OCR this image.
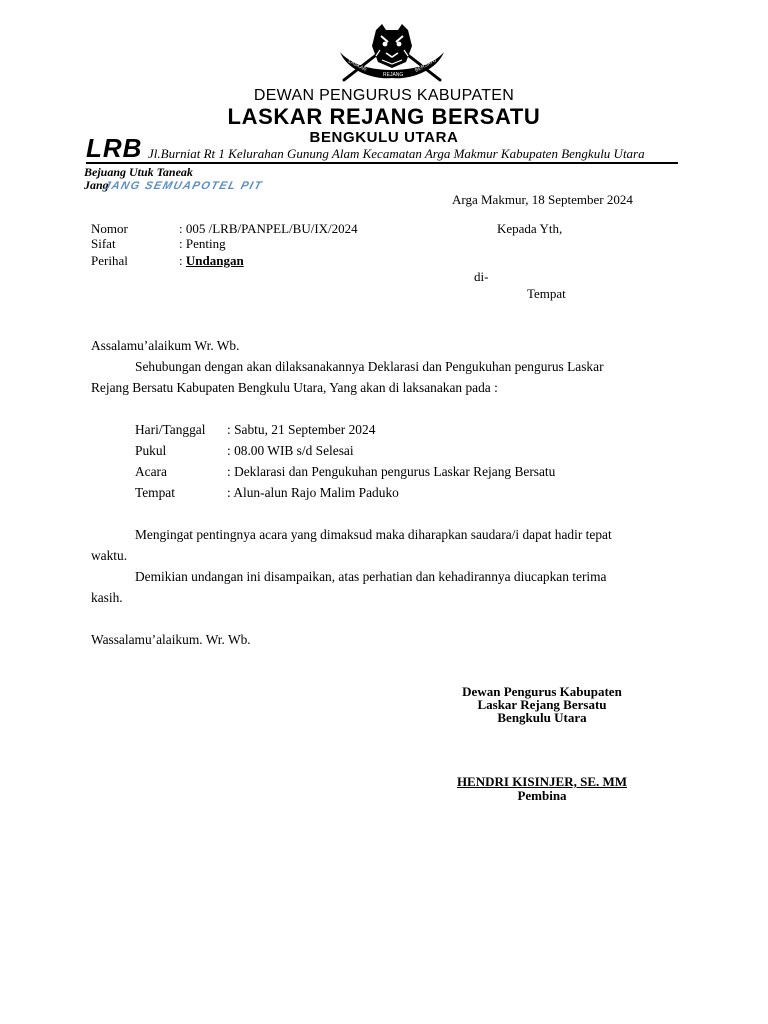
LASKAR	BERSATU
REJANG
DEWAN PENGURUS KABUPATEN
LASKAR REJANG BERSATU
BENGKULU UTARA
LRB Jl.Burniat Rt 1 Kelurahan Gunung Alam Kecamatan Arga Makmur Kabupaten Bengkulu Utara
Bejuang Utuk Taneak
Jang
JANG SEMUAPOTEL PIT
Arga Makmur, 18 September 2024
Nomor	: 005 /LRB/PANPEL/BU/IX/2024
Sifat	: Penting
Perihal	: Undangan
Kepada Yth,
di-
Tempat
Assalamu’alaikum Wr. Wb.
Sehubungan dengan akan dilaksanakannya Deklarasi dan Pengukuhan pengurus Laskar
Rejang Bersatu Kabupaten Bengkulu Utara, Yang akan di laksanakan pada :
Hari/Tanggal : Sabtu, 21 September 2024
Pukul	: 08.00 WIB s/d Selesai
Acara	: Deklarasi dan Pengukuhan pengurus Laskar Rejang Bersatu
Tempat	: Alun-alun Rajo Malim Paduko
Mengingat pentingnya acara yang dimaksud maka diharapkan saudara/i dapat hadir tepat
waktu.
Demikian undangan ini disampaikan, atas perhatian dan kehadirannya diucapkan terima
kasih.
Wassalamu’alaikum. Wr. Wb.
Dewan Pengurus Kabupaten
Laskar Rejang Bersatu
Bengkulu Utara
HENDRI KISINJER, SE. MM
Pembina
